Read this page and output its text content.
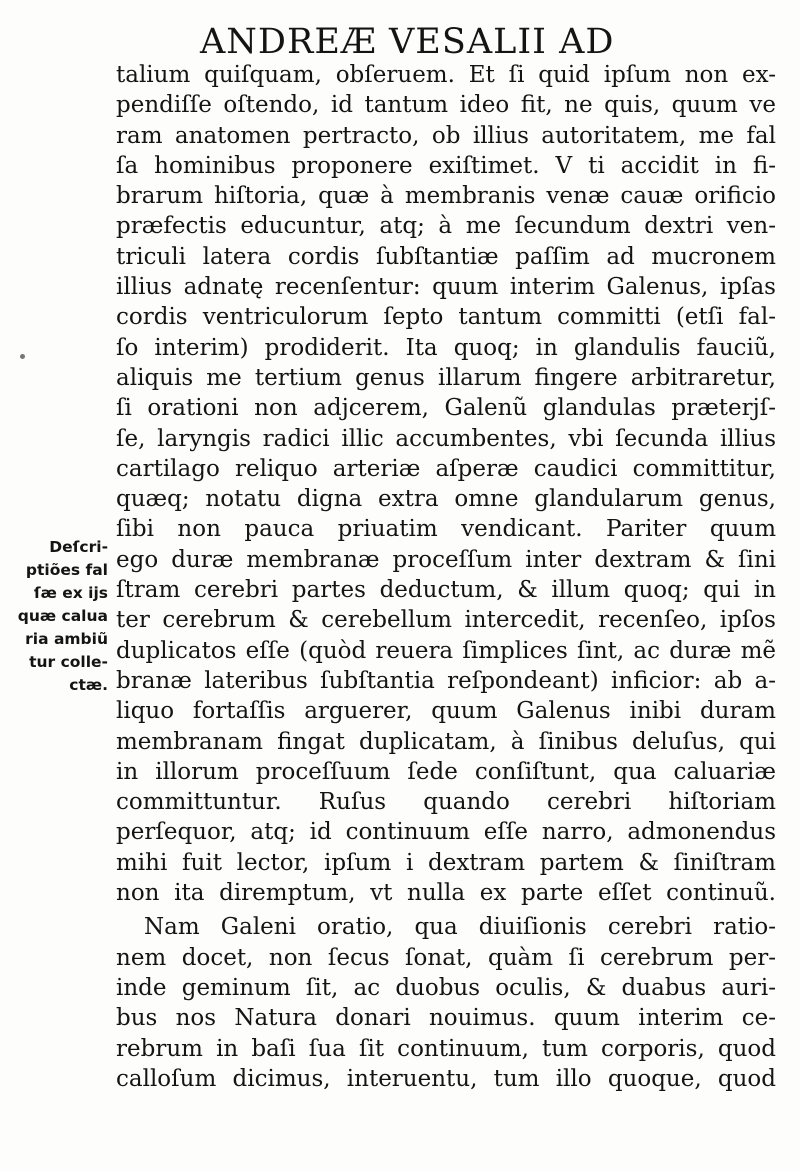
ANDREÆ VESALII AD
Deſcri-
ptiões fal
ſæ ex iјs
quæ calua
ria ambiũ
tur colle-
ctæ.
talium quiſquam, obſeruem. Et ſi quid ipſum non ex-
pendiſſe oſtendo, id tantum ideo fit, ne quis, quum ve
ram anatomen pertracto, ob illius autoritatem, me fal
ſa hominibus proponere exiſtimet. V ti accidit in fi-
brarum hiſtoria, quæ à membranis venæ cauæ orificio
præfectis educuntur, atq; à me ſecundum dextri ven-
triculi latera cordis ſubſtantiæ paſſim ad mucronem
illius adnatę recenſentur: quum interim Galenus, ipſas
cordis ventriculorum ſepto tantum committi (etſi fal-
ſo interim) prodiderit. Ita quoq; in glandulis fauciũ,
aliquis me tertium genus illarum fingere arbitraretur,
ſi orationi non adјcerem, Galenũ glandulas præterјſ-
ſe, laryngis radici illic accumbentes, vbi ſecunda illius
cartilago reliquo arteriæ aſperæ caudici committitur,
quæq; notatu digna extra omne glandularum genus,
ſibi non pauca priuatim vendicant. Pariter quum
ego duræ membranæ proceſſum inter dextram & ſini
ſtram cerebri partes deductum, & illum quoq; qui in
ter cerebrum & cerebellum intercedit, recenſeo, ipſos
duplicatos eſſe (quòd reuera ſimplices ſint, ac duræ mẽ
branæ lateribus ſubſtantia reſpondeant) inficior: ab a-
liquo fortaſſis arguerer, quum Galenus inibi duram
membranam fingat duplicatam, à ſinibus deluſus, qui
in illorum proceſſuum ſede conſiſtunt, qua caluariæ
committuntur. Ruſus quando cerebri hiſtoriam
perſequor, atq; id continuum eſſe narro, admonendus
mihi fuit lector, ipſum i dextram partem & ſiniſtram
non ita diremptum, vt nulla ex parte eſſet continuũ.
Nam Galeni oratio, qua diuiſionis cerebri ratio-
nem docet, non ſecus ſonat, quàm ſi cerebrum per-
inde geminum ſit, ac duobus oculis, & duabus auri-
bus nos Natura donari nouimus. quum interim ce-
rebrum in baſi ſua ſit continuum, tum corporis, quod
calloſum dicimus, interuentu, tum illo quoque, quod
